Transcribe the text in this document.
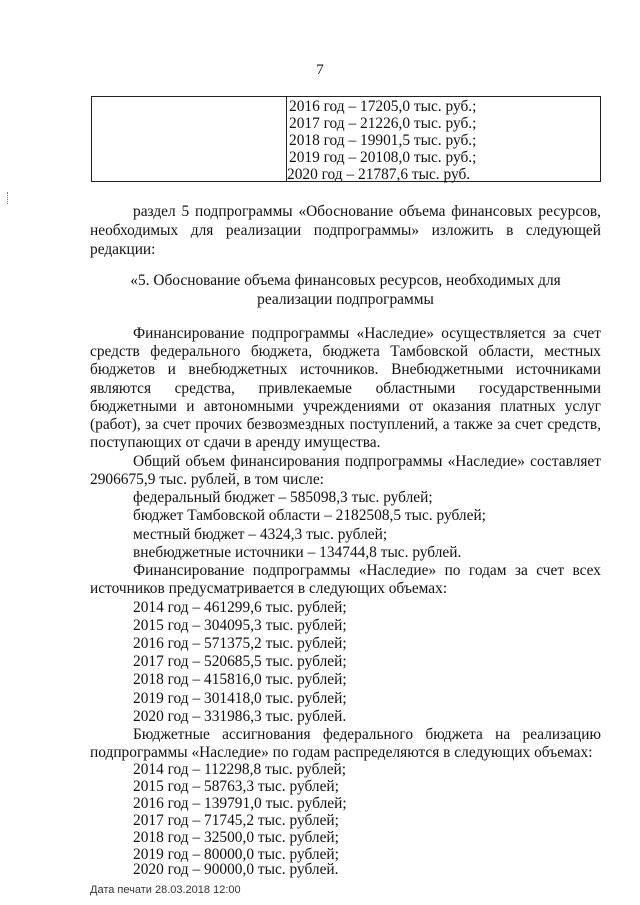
7
2016 год – 17205,0 тыс. руб.;
2017 год – 21226,0 тыс. руб.;
2018 год – 19901,5 тыс. руб.;
2019 год – 20108,0 тыс. руб.;
2020 год – 21787,6 тыс. руб.
раздел 5 подпрограммы «Обоснование объема финансовых ресурсов,
необходимых для реализации подпрограммы» изложить в следующей
редакции:
«5. Обоснование объема финансовых ресурсов, необходимых для
реализации подпрограммы
Финансирование подпрограммы «Наследие» осуществляется за счет
средств федерального бюджета, бюджета Тамбовской области, местных
бюджетов и внебюджетных источников. Внебюджетными источниками
являются средства, привлекаемые областными государственными
бюджетными и автономными учреждениями от оказания платных услуг
(работ), за счет прочих безвозмездных поступлений, а также за счет средств,
поступающих от сдачи в аренду имущества.
Общий объем финансирования подпрограммы «Наследие» составляет
2906675,9 тыс. рублей, в том числе:
федеральный бюджет – 585098,3 тыс. рублей;
бюджет Тамбовской области – 2182508,5 тыс. рублей;
местный бюджет – 4324,3 тыс. рублей;
внебюджетные источники – 134744,8 тыс. рублей.
Финансирование подпрограммы «Наследие» по годам за счет всех
источников предусматривается в следующих объемах:
2014 год – 461299,6 тыс. рублей;
2015 год – 304095,3 тыс. рублей;
2016 год – 571375,2 тыс. рублей;
2017 год – 520685,5 тыс. рублей;
2018 год – 415816,0 тыс. рублей;
2019 год – 301418,0 тыс. рублей;
2020 год – 331986,3 тыс. рублей.
Бюджетные ассигнования федерального бюджета на реализацию
подпрограммы «Наследие» по годам распределяются в следующих объемах:
2014 год – 112298,8 тыс. рублей;
2015 год – 58763,3 тыс. рублей;
2016 год – 139791,0 тыс. рублей;
2017 год – 71745,2 тыс. рублей;
2018 год – 32500,0 тыс. рублей;
2019 год – 80000,0 тыс. рублей;
Дата печати 28.03.2018 12:00
2020 год – 90000,0 тыс. рублей.
